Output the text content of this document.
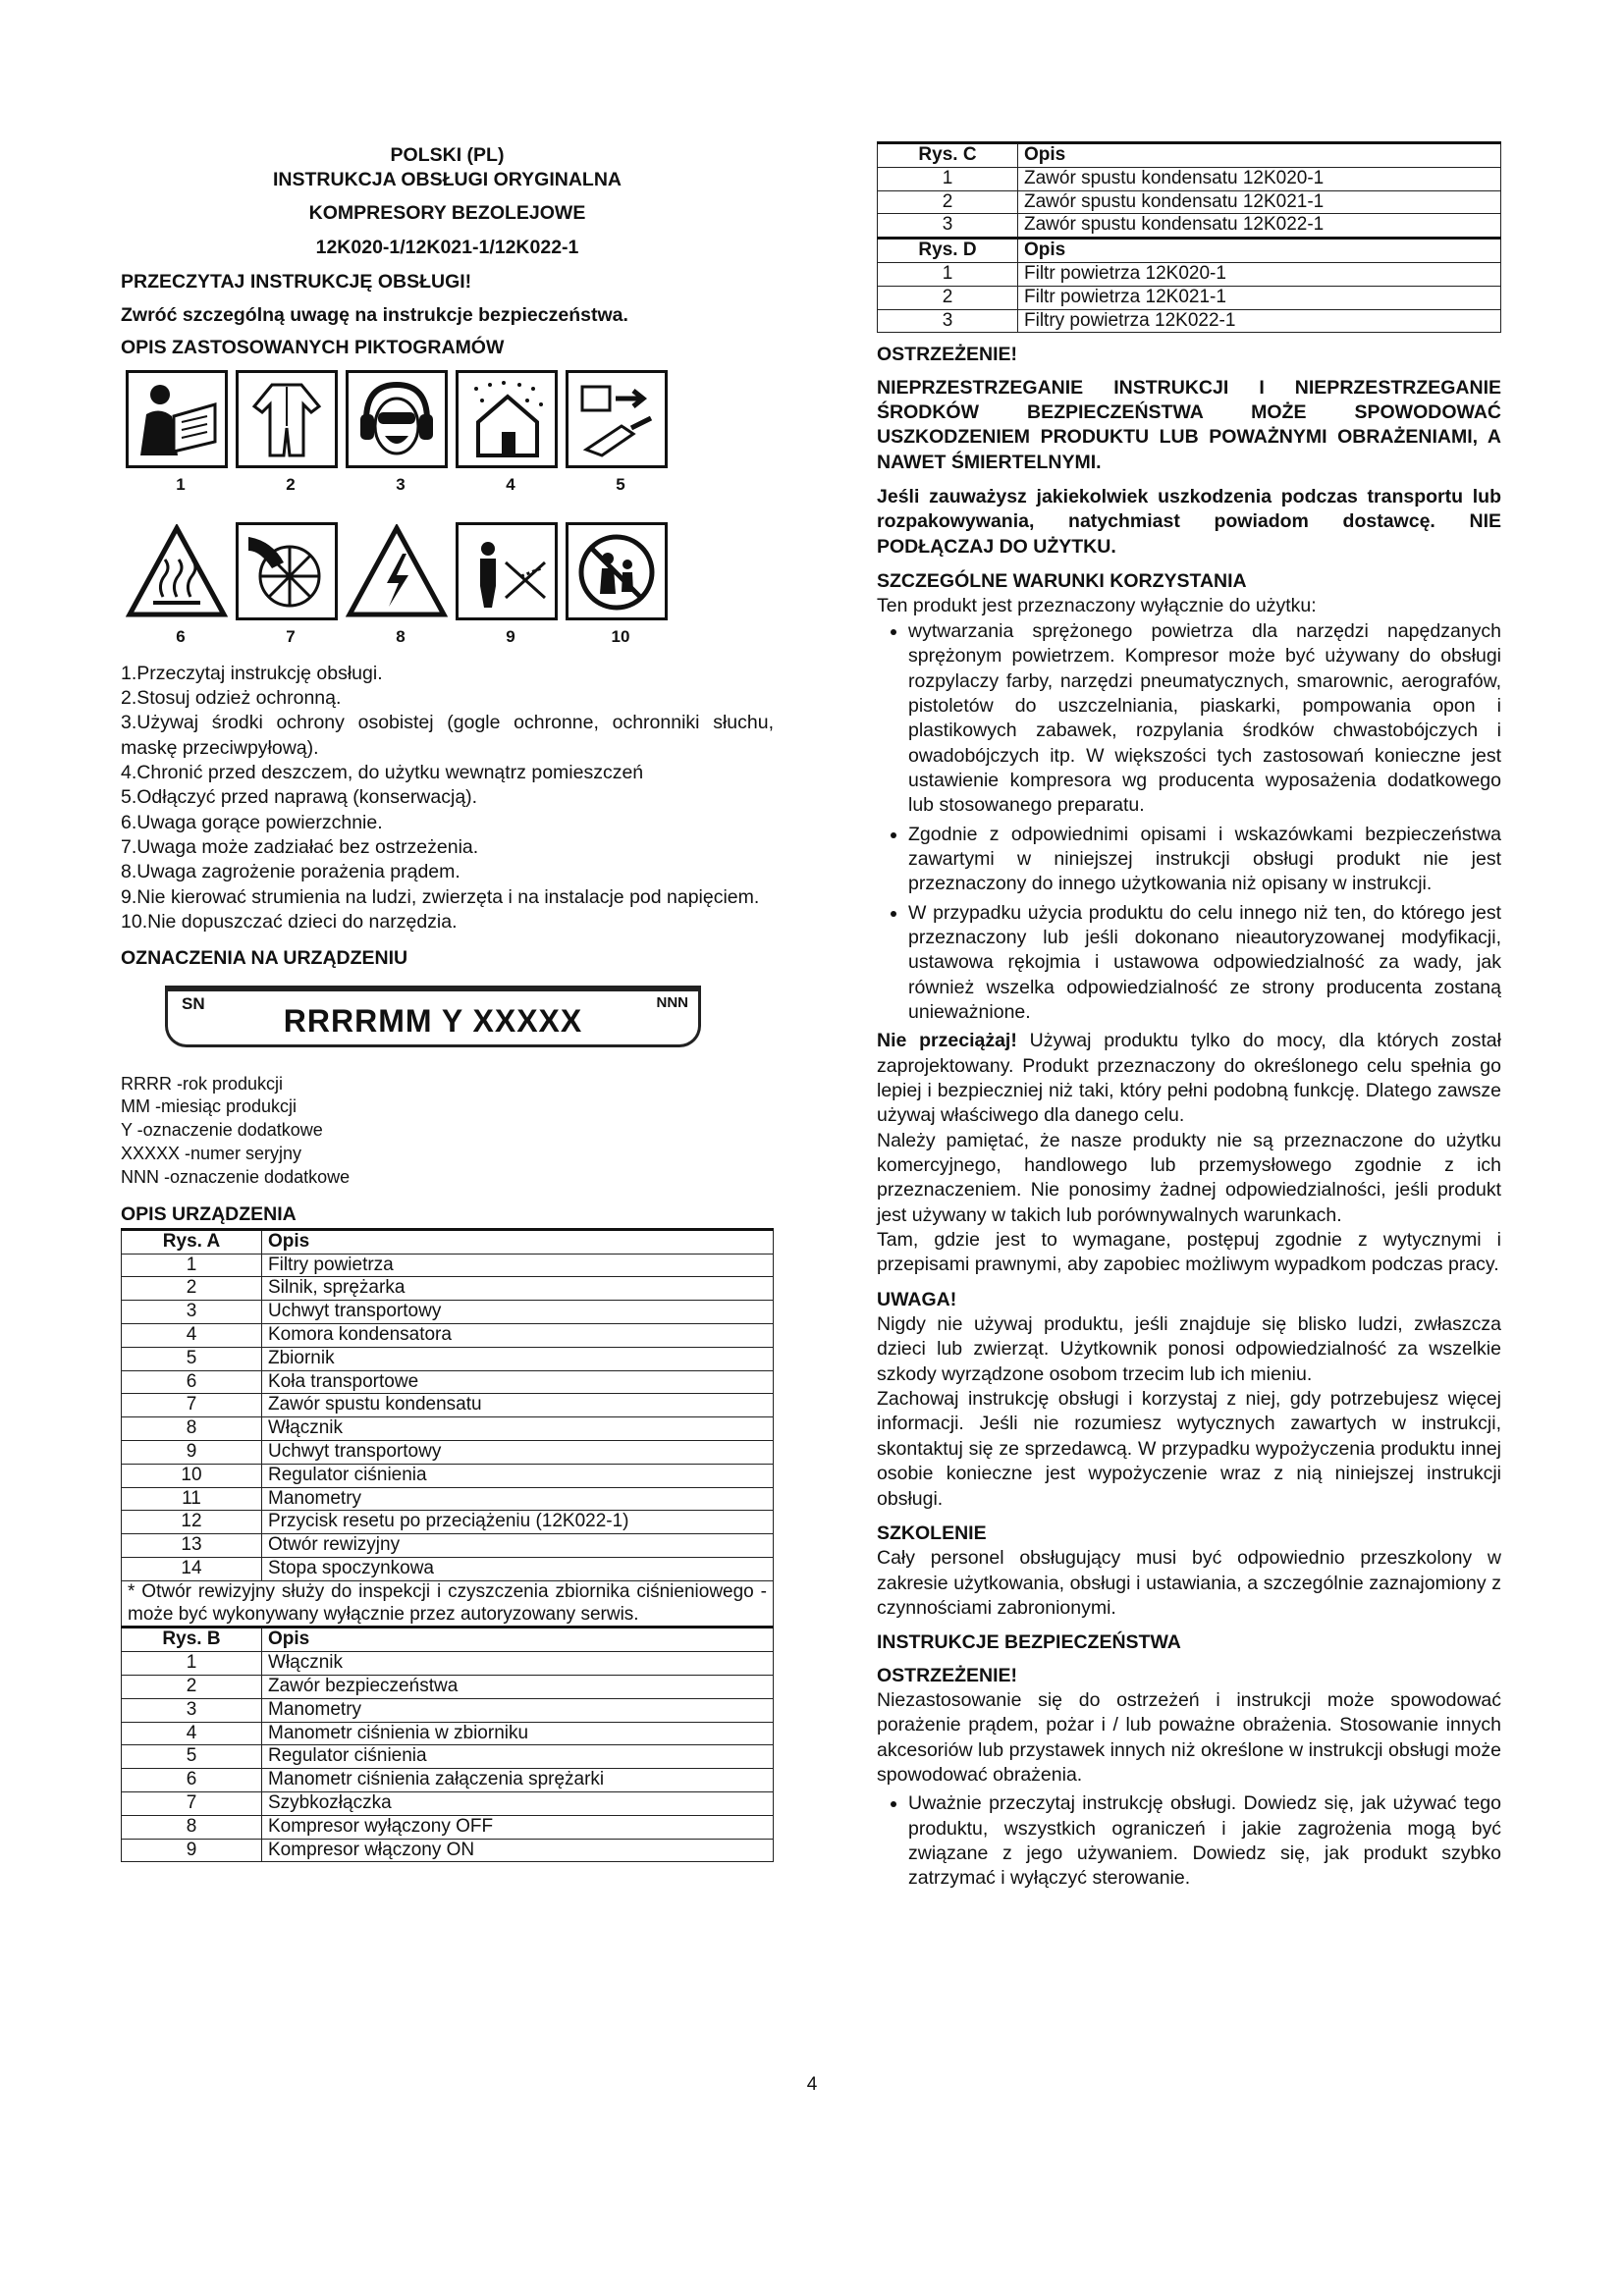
POLSKI (PL)

INSTRUKCJA OBSŁUGI ORYGINALNA

KOMPRESORY BEZOLEJOWE

12K020-1/12K021-1/12K022-1

PRZECZYTAJ INSTRUKCJĘ OBSŁUGI!

Zwróć szczególną uwagę na instrukcje bezpieczeństwa.

OPIS ZASTOSOWANYCH PIKTOGRAMÓW

1	2	3	4	5
6	7	8	9	10

1.Przeczytaj instrukcję obsługi.

2.Stosuj odzież ochronną.

3.Używaj środki ochrony osobistej (gogle ochronne, ochronniki słuchu, maskę przeciwpyłową).

4.Chronić przed deszczem, do użytku wewnątrz pomieszczeń

5.Odłączyć przed naprawą (konserwacją).

6.Uwaga gorące powierzchnie.

7.Uwaga może zadziałać bez ostrzeżenia.

8.Uwaga zagrożenie porażenia prądem.

9.Nie kierować strumienia na ludzi, zwierzęta i na instalacje pod napięciem.

10.Nie dopuszczać dzieci do narzędzia.

OZNACZENIA NA URZĄDZENIU

SN	RRRRMM Y XXXXX
NNN

RRRR -rok produkcji

MM -miesiąc produkcji

Y -oznaczenie dodatkowe

XXXXX -numer seryjny

NNN -oznaczenie dodatkowe

OPIS URZĄDZENIA

Rys. A	Opis
1	Filtry powietrza
2	Silnik, sprężarka
3	Uchwyt transportowy
4	Komora kondensatora
5	Zbiornik
6	Koła transportowe
7	Zawór spustu kondensatu
8	Włącznik
9	Uchwyt transportowy
10	Regulator ciśnienia
11	Manometry
12	Przycisk resetu po przeciążeniu (12K022-1)
13	Otwór rewizyjny
14	Stopa spoczynkowa
* Otwór rewizyjny służy do inspekcji i czyszczenia zbiornika ciśnieniowego - może być wykonywany wyłącznie przez autoryzowany serwis.	
Rys. B	Opis
1	Włącznik
2	Zawór bezpieczeństwa
3	Manometry
4	Manometr ciśnienia w zbiorniku
5	Regulator ciśnienia
6	Manometr ciśnienia załączenia sprężarki
7	Szybkozłączka
8	Kompresor wyłączony OFF
9	Kompresor włączony ON
Rys. C	Opis
1	Zawór spustu kondensatu 12K020-1
2	Zawór spustu kondensatu 12K021-1
3	Zawór spustu kondensatu 12K022-1
Rys. D	Opis
1	Filtr powietrza 12K020-1
2	Filtr powietrza 12K021-1
3	Filtry powietrza 12K022-1

OSTRZEŻENIE!

NIEPRZESTRZEGANIE INSTRUKCJI I NIEPRZESTRZEGANIE ŚRODKÓW BEZPIECZEŃSTWA MOŻE SPOWODOWAĆ USZKODZENIEM PRODUKTU LUB POWAŻNYMI OBRAŻENIAMI, A NAWET ŚMIERTELNYMI.

Jeśli zauważysz jakiekolwiek uszkodzenia podczas transportu lub rozpakowywania, natychmiast powiadom dostawcę. NIE PODŁĄCZAJ DO UŻYTKU.

SZCZEGÓLNE WARUNKI KORZYSTANIA

Ten produkt jest przeznaczony wyłącznie do użytku:

• wytwarzania sprężonego powietrza dla narzędzi napędzanych sprężonym powietrzem. Kompresor może być używany do obsługi rozpylaczy farby, narzędzi pneumatycznych, smarownic, aerografów, pistoletów do uszczelniania, piaskarki, pompowania opon i plastikowych zabawek, rozpylania środków chwastobójczych i owadobójczych itp. W większości tych zastosowań konieczne jest ustawienie kompresora wg producenta wyposażenia dodatkowego lub stosowanego preparatu.
• Zgodnie z odpowiednimi opisami i wskazówkami bezpieczeństwa zawartymi w niniejszej instrukcji obsługi produkt nie jest przeznaczony do innego użytkowania niż opisany w instrukcji.
• W przypadku użycia produktu do celu innego niż ten, do którego jest przeznaczony lub jeśli dokonano nieautoryzowanej modyfikacji, ustawowa rękojmia i ustawowa odpowiedzialność za wady, jak również wszelka odpowiedzialność ze strony producenta zostaną unieważnione.

Nie przeciążaj! Używaj produktu tylko do mocy, dla których został zaprojektowany. Produkt przeznaczony do określonego celu spełnia go lepiej i bezpieczniej niż taki, który pełni podobną funkcję. Dlatego zawsze używaj właściwego dla danego celu.

Należy pamiętać, że nasze produkty nie są przeznaczone do użytku komercyjnego, handlowego lub przemysłowego zgodnie z ich przeznaczeniem. Nie ponosimy żadnej odpowiedzialności, jeśli produkt jest używany w takich lub porównywalnych warunkach.

Tam, gdzie jest to wymagane, postępuj zgodnie z wytycznymi i przepisami prawnymi, aby zapobiec możliwym wypadkom podczas pracy.

UWAGA!

Nigdy nie używaj produktu, jeśli znajduje się blisko ludzi, zwłaszcza dzieci lub zwierząt. Użytkownik ponosi odpowiedzialność za wszelkie szkody wyrządzone osobom trzecim lub ich mieniu.

Zachowaj instrukcję obsługi i korzystaj z niej, gdy potrzebujesz więcej informacji. Jeśli nie rozumiesz wytycznych zawartych w instrukcji, skontaktuj się ze sprzedawcą. W przypadku wypożyczenia produktu innej osobie konieczne jest wypożyczenie wraz z nią niniejszej instrukcji obsługi.

SZKOLENIE

Cały personel obsługujący musi być odpowiednio przeszkolony w zakresie użytkowania, obsługi i ustawiania, a szczególnie zaznajomiony z czynnościami zabronionymi.

INSTRUKCJE BEZPIECZEŃSTWA

OSTRZEŻENIE!

Niezastosowanie się do ostrzeżeń i instrukcji może spowodować porażenie prądem, pożar i / lub poważne obrażenia. Stosowanie innych akcesoriów lub przystawek innych niż określone w instrukcji obsługi może spowodować obrażenia.

• Uważnie przeczytaj instrukcję obsługi. Dowiedz się, jak używać tego produktu, wszystkich ograniczeń i jakie zagrożenia mogą być związane z jego używaniem. Dowiedz się, jak produkt szybko zatrzymać i wyłączyć sterowanie.
4
